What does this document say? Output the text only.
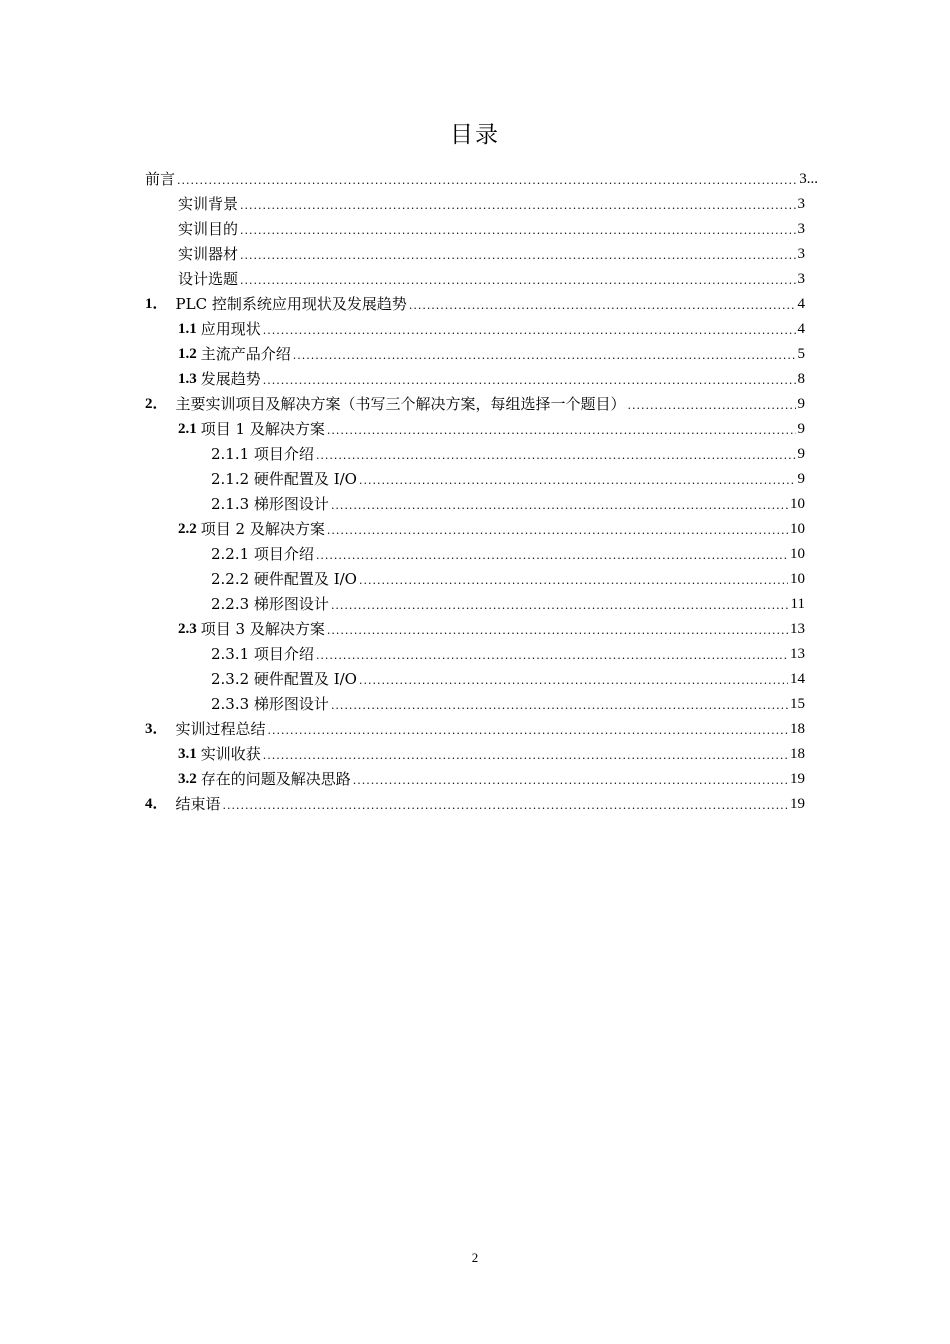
目录
前言 .....	3...
实训背景 .....	3
实训目的 .....	3
实训器材 .....	3
设计选题 .....	3
1． PLC 控制系统应用现状及发展趋势 .....	4
1.1 应用现状 .....	4
1.2 主流产品介绍 .....	5
1.3 发展趋势 .....	8
2． 主要实训项目及解决方案（书写三个解决方案，每组选择一个题目） .....	9
2.1 项目 1 及解决方案 .....	9
2.1.1 项目介绍 .....	9
2.1.2 硬件配置及 I/O .....	9
2.1.3 梯形图设计 .....	10
2.2 项目 2 及解决方案 .....	10
2.2.1 项目介绍 .....	10
2.2.2 硬件配置及 I/O .....	10
2.2.3 梯形图设计 .....	11
2.3 项目 3 及解决方案 .....	13
2.3.1 项目介绍 .....	13
2.3.2 硬件配置及 I/O .....	14
2.3.3 梯形图设计 .....	15
3． 实训过程总结 .....	18
3.1 实训收获 .....	18
3.2 存在的问题及解决思路 .....	19
4． 结束语 .....	19
2
